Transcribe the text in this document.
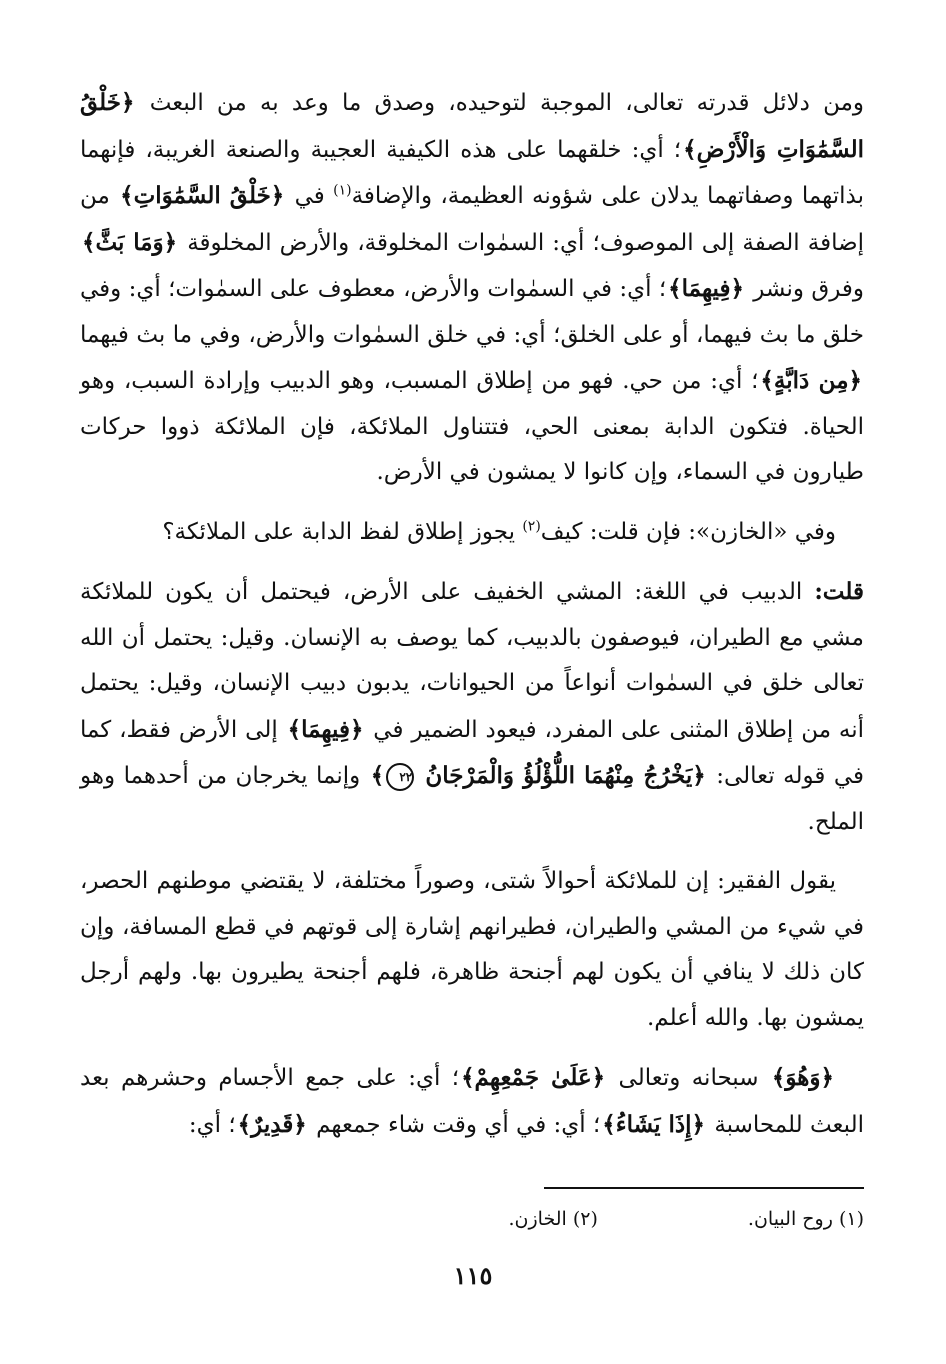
ومن دلائل قدرته تعالى، الموجبة لتوحيده، وصدق ما وعد به من البعث ﴿خَلْقُ السَّمَٰوَاتِ وَالْأَرْضِ﴾؛ أي: خلقهما على هذه الكيفية العجيبة والصنعة الغريبة، فإنهما بذاتهما وصفاتهما يدلان على شؤونه العظيمة، والإضافة$^{(١)}$ في ﴿خَلْقُ السَّمَٰوَاتِ﴾ من إضافة الصفة إلى الموصوف؛ أي: السمٰوات المخلوقة، والأرض المخلوقة ﴿وَمَا بَثَّ﴾ وفرق ونشر ﴿فِيهِمَا﴾؛ أي: في السمٰوات والأرض، معطوف على السمٰوات؛ أي: وفي خلق ما بث فيهما، أو على الخلق؛ أي: في خلق السمٰوات والأرض، وفي ما بث فيهما ﴿مِن دَابَّةٍ﴾؛ أي: من حي. فهو من إطلاق المسبب، وهو الدبيب وإرادة السبب، وهو الحياة. فتكون الدابة بمعنى الحي، فتتناول الملائكة، فإن الملائكة ذووا حركات طيارون في السماء، وإن كانوا لا يمشون في الأرض.

وفي «الخازن»: فإن قلت: كيف$^{(٢)}$ يجوز إطلاق لفظ الدابة على الملائكة؟

قلت: الدبيب في اللغة: المشي الخفيف على الأرض، فيحتمل أن يكون للملائكة مشي مع الطيران، فيوصفون بالدبيب، كما يوصف به الإنسان. وقيل: يحتمل أن الله تعالى خلق في السمٰوات أنواعاً من الحيوانات، يدبون دبيب الإنسان، وقيل: يحتمل أنه من إطلاق المثنى على المفرد، فيعود الضمير في ﴿فِيهِمَا﴾ إلى الأرض فقط، كما في قوله تعالى: ﴿يَخْرُجُ مِنْهُمَا اللُّؤْلُؤُ وَالْمَرْجَانُ ٢٢﴾ وإنما يخرجان من أحدهما وهو الملح.

يقول الفقير: إن للملائكة أحوالاً شتى، وصوراً مختلفة، لا يقتضي موطنهم الحصر، في شيء من المشي والطيران، فطيرانهم إشارة إلى قوتهم في قطع المسافة، وإن كان ذلك لا ينافي أن يكون لهم أجنحة ظاهرة، فلهم أجنحة يطيرون بها. ولهم أرجل يمشون بها. والله أعلم.

﴿وَهُوَ﴾ سبحانه وتعالى ﴿عَلَىٰ جَمْعِهِمْ﴾؛ أي: على جمع الأجسام وحشرهم بعد البعث للمحاسبة ﴿إِذَا يَشَاءُ﴾؛ أي: في أي وقت شاء جمعهم ﴿قَدِيرٌ﴾؛ أي:

(١) روح البيان.
(٢) الخازن.
١١٥
